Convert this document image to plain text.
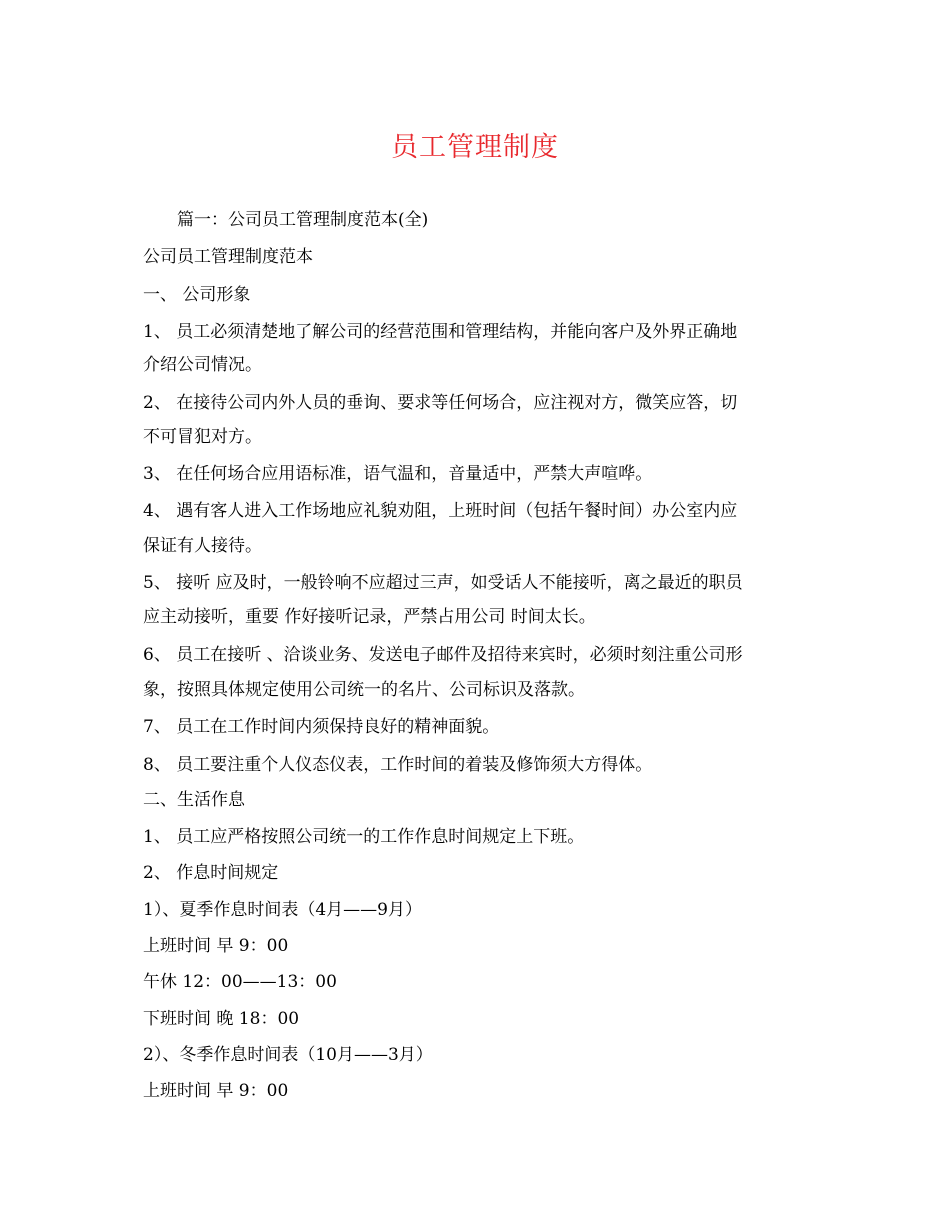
员工管理制度
篇一：公司员工管理制度范本(全)
公司员工管理制度范本
一、 公司形象
1、 员工必须清楚地了解公司的经营范围和管理结构，并能向客户及外界正确地
介绍公司情况。
2、 在接待公司内外人员的垂询、要求等任何场合，应注视对方，微笑应答，切
不可冒犯对方。
3、 在任何场合应用语标准，语气温和，音量适中，严禁大声喧哗。
4、 遇有客人进入工作场地应礼貌劝阻，上班时间（包括午餐时间）办公室内应
保证有人接待。
5、 接听 应及时，一般铃响不应超过三声，如受话人不能接听，离之最近的职员
应主动接听，重要 作好接听记录，严禁占用公司 时间太长。
6、 员工在接听 、洽谈业务、发送电子邮件及招待来宾时，必须时刻注重公司形
象，按照具体规定使用公司统一的名片、公司标识及落款。
7、 员工在工作时间内须保持良好的精神面貌。
8、 员工要注重个人仪态仪表，工作时间的着装及修饰须大方得体。
二、生活作息
1、 员工应严格按照公司统一的工作作息时间规定上下班。
2、 作息时间规定
1）、夏季作息时间表（4月——9月）
上班时间 早 9：00
午休 12：00——13：00
下班时间 晚 18：00
2）、冬季作息时间表（10月——3月）
上班时间 早 9：00
